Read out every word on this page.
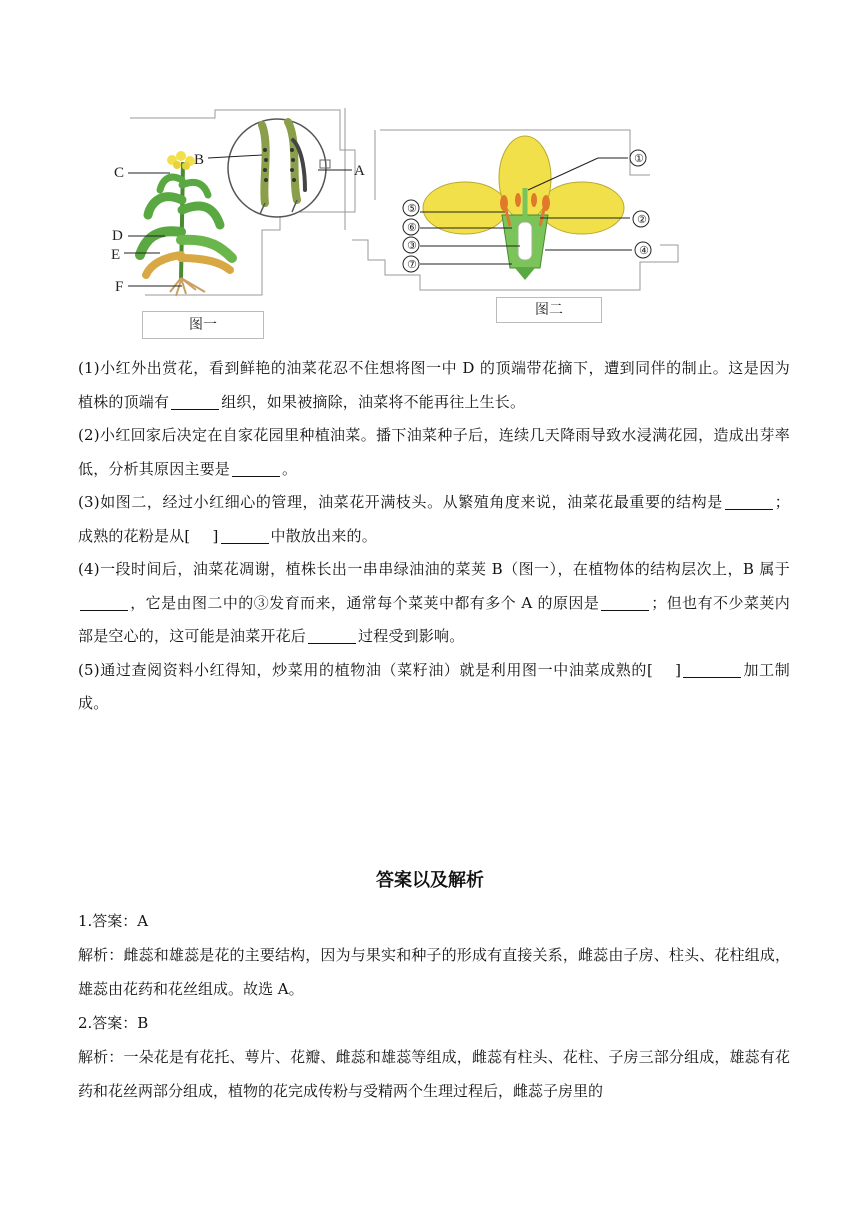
B
C
D
E
F
A
①
②
③	④
⑤
⑥
⑦
图一
图二

(1)小红外出赏花，看到鲜艳的油菜花忍不住想将图一中 D 的顶端带花摘下，遭到同伴的制止。这是因为植株的顶端有	组织，如果被摘除，油菜将不能再往上生长。

(2)小红回家后决定在自家花园里种植油菜。播下油菜种子后，连续几天降雨导致水浸满花园，造成出芽率低，分析其原因主要是	。

(3)如图二，经过小红细心的管理，油菜花开满枝头。从繁殖角度来说，油菜花最重要的结构是	；成熟的花粉是从[ ]	中散放出来的。

(4)一段时间后，油菜花凋谢，植株长出一串串绿油油的菜荚 B（图一），在植物体的结构层次上，B 属于，它是由图二中的③发育而来，通常每个菜荚中都有多个 A 的原因是	；但也有不少菜荚内部是空心的，这可能是油菜开花后	过程受到影响。

(5)通过查阅资料小红得知，炒菜用的植物油（菜籽油）就是利用图一中油菜成熟的[ ]	加工制成。

答案以及解析

1.答案：A

解析：雌蕊和雄蕊是花的主要结构，因为与果实和种子的形成有直接关系，雌蕊由子房、柱头、花柱组成，雄蕊由花药和花丝组成。故选 A。

2.答案：B

解析：一朵花是有花托、萼片、花瓣、雌蕊和雄蕊等组成，雌蕊有柱头、花柱、子房三部分组成，雄蕊有花药和花丝两部分组成，植物的花完成传粉与受精两个生理过程后，雌蕊子房里的
